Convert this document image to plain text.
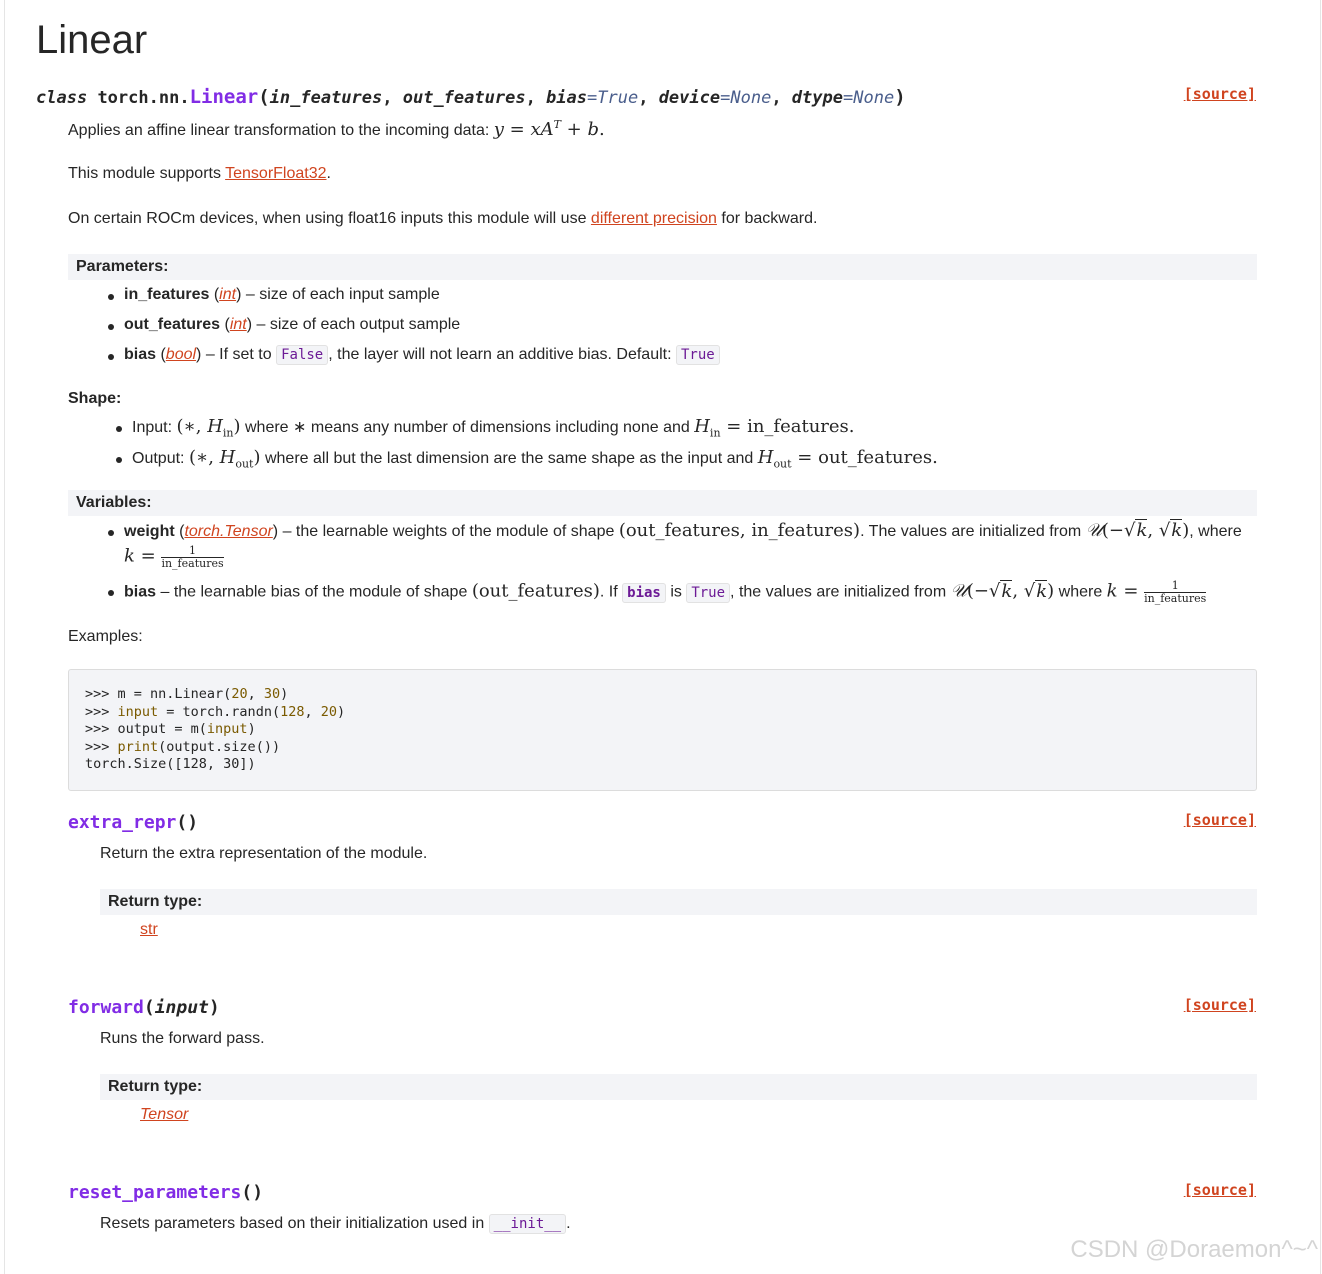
Linear
class torch.nn.Linear(in_features, out_features, bias=True, device=None, dtype=None)	[source]
Applies an affine linear transformation to the incoming data: $y = xA^T + b$.
This module supports TensorFloat32.
On certain ROCm devices, when using float16 inputs this module will use different precision for backward.
Parameters:
in_features (int) – size of each input sample
out_features (int) – size of each output sample
bias (bool) – If set to False , the layer will not learn an additive bias. Default: True
Shape:
Input: (∗, $H_{in}$) where ∗ means any number of dimensions including none and $H_{in}$ = in_features.
Output: (∗, $H_{out}$) where all but the last dimension are the same shape as the input and $H_{out}$ = out_features.
Variables:
weight (torch.Tensor) – the learnable weights of the module of shape (out_features, in_features). The values are initialized from 𝒰(−√k, √k), where
$k = \frac{1}{\text{in\_features}}$
bias – the learnable bias of the module of shape (out_features). If bias is True , the values are initialized from 𝒰(−√k, √k) where $k = \frac{1}{\text{in\_features}}$
Examples:
>>> m = nn.Linear(20, 30)
>>> input = torch.randn(128, 20)
>>> output = m(input)
>>> print(output.size())
torch.Size([128, 30])
extra_repr()	[source]
Return the extra representation of the module.
Return type:
str
forward(input)	[source]
Runs the forward pass.
Return type:
Tensor
reset_parameters()	[source]
Resets parameters based on their initialization used in __init__ .
CSDN @Doraemon^~^
